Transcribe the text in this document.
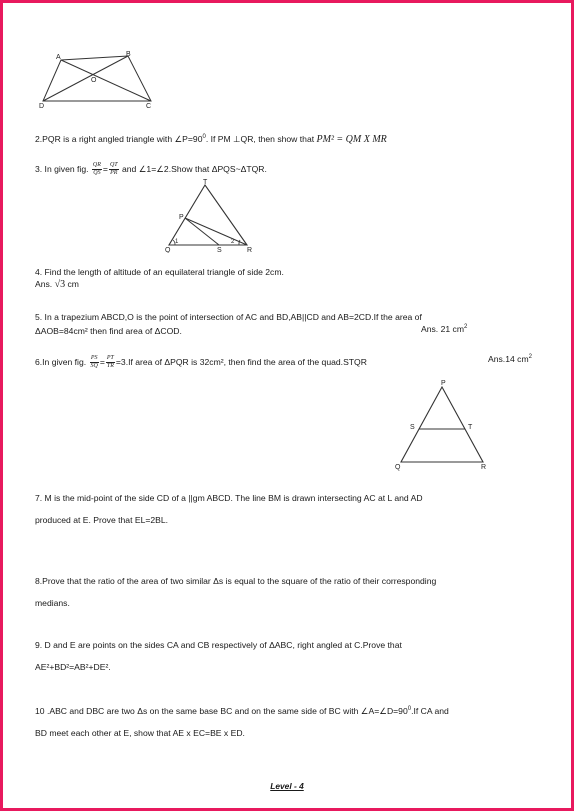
A	B
O
D	C
2.PQR is a right angled triangle with $\angle P=90^0$. If PM ⊥QR, then show that PM² = QM X MR
3. In given fig. $\frac{QR}{QS} = \frac{QT}{PR}$ and ∠1=∠2.Show that ΔPQS~ΔTQR.
T
P
Q	S	R
1	2
4. Find the length of altitude of an equilateral triangle of side 2cm.
Ans. √3 cm
5. In a trapezium ABCD,O is the point of intersection of AC and BD,AB||CD and AB=2CD.If the area of
ΔAOB=84cm² then find area of ΔCOD.	Ans. 21 $cm^2$
6.In given fig. $\frac{PS}{SQ} = \frac{PT}{TR} =3.If$ area of ΔPQR is 32cm², then find the area of the quad.STQR	Ans.14 $cm^2$
P
S	T
Q	R
7. M is the mid-point of the side CD of a ||gm ABCD. The line BM is drawn intersecting AC at L and AD
produced at E. Prove that EL=2BL.
8.Prove that the ratio of the area of two similar Δs is equal to the square of the ratio of their corresponding
medians.
9. D and E are points on the sides CA and CB respectively of ΔABC, right angled at C.Prove that
AE²+BD²=AB²+DE².
10 .ABC and DBC are two Δs on the same base BC and on the same side of BC with $\angle A=\angle D=90^0.If$ CA and
BD meet each other at E, show that AE x EC=BE x ED.
Level - 4
